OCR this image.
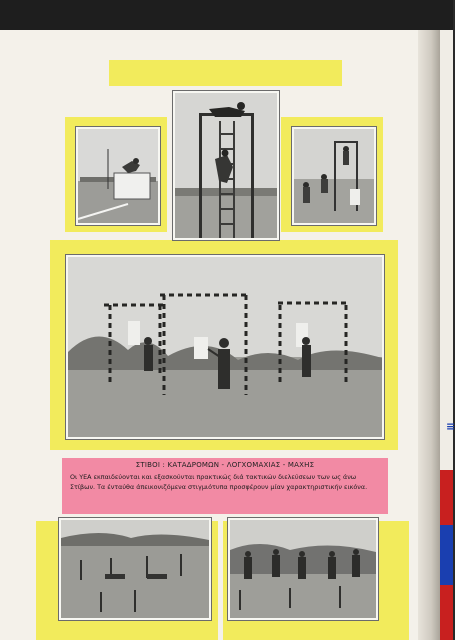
≡
ΣΤΙΒΟΙ : ΚΑΤΑΔΡΟΜΩΝ - ΛΟΓΧΟΜΑΧΙΑΣ - ΜΑΧΗΣ
Οι ΥΕΑ εκπαιδεύονται και εξασκούνται πρακτικώς διά τακτικών διελεύσεων των ως άνω Στίβων. Τα ένταύθα άπεικονιζόμενα στιγμιότυπα προσφέρουν μίαν χαρακτηριστικήν εικόνα.
